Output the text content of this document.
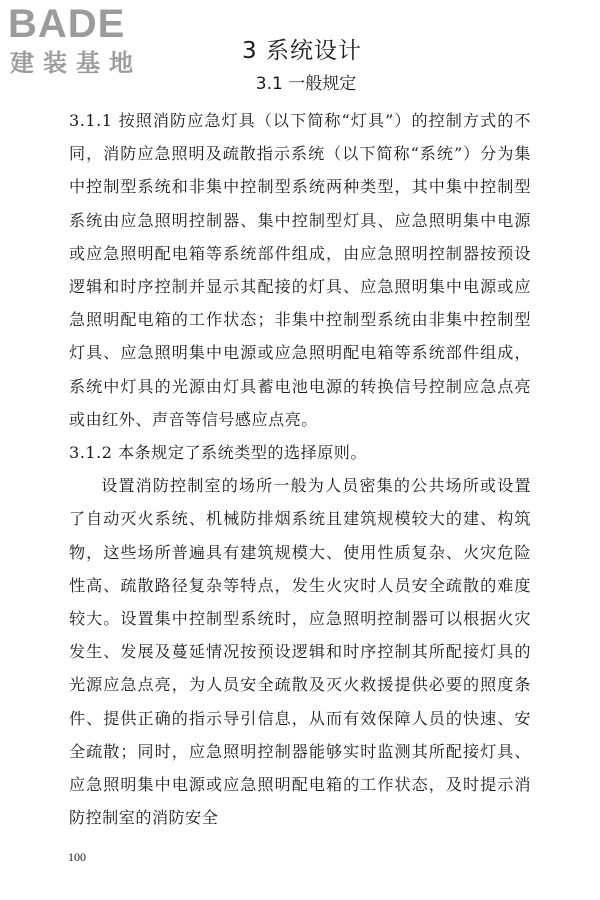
BADE
建装基地	3 系统设计
3.1 一般规定

3.1.1 按照消防应急灯具（以下简称“灯具”）的控制方式的不同，消防应急照明及疏散指示系统（以下简称“系统”）分为集中控制型系统和非集中控制型系统两种类型，其中集中控制型系统由应急照明控制器、集中控制型灯具、应急照明集中电源或应急照明配电箱等系统部件组成，由应急照明控制器按预设逻辑和时序控制并显示其配接的灯具、应急照明集中电源或应急照明配电箱的工作状态；非集中控制型系统由非集中控制型灯具、应急照明集中电源或应急照明配电箱等系统部件组成，系统中灯具的光源由灯具蓄电池电源的转换信号控制应急点亮或由红外、声音等信号感应点亮。

3.1.2 本条规定了系统类型的选择原则。

设置消防控制室的场所一般为人员密集的公共场所或设置了自动灭火系统、机械防排烟系统且建筑规模较大的建、构筑物，这些场所普遍具有建筑规模大、使用性质复杂、火灾危险性高、疏散路径复杂等特点，发生火灾时人员安全疏散的难度较大。设置集中控制型系统时，应急照明控制器可以根据火灾发生、发展及蔓延情况按预设逻辑和时序控制其所配接灯具的光源应急点亮，为人员安全疏散及灭火救援提供必要的照度条件、提供正确的指示导引信息，从而有效保障人员的快速、安全疏散；同时，应急照明控制器能够实时监测其所配接灯具、应急照明集中电源或应急照明配电箱的工作状态，及时提示消防控制室的消防安全

100
